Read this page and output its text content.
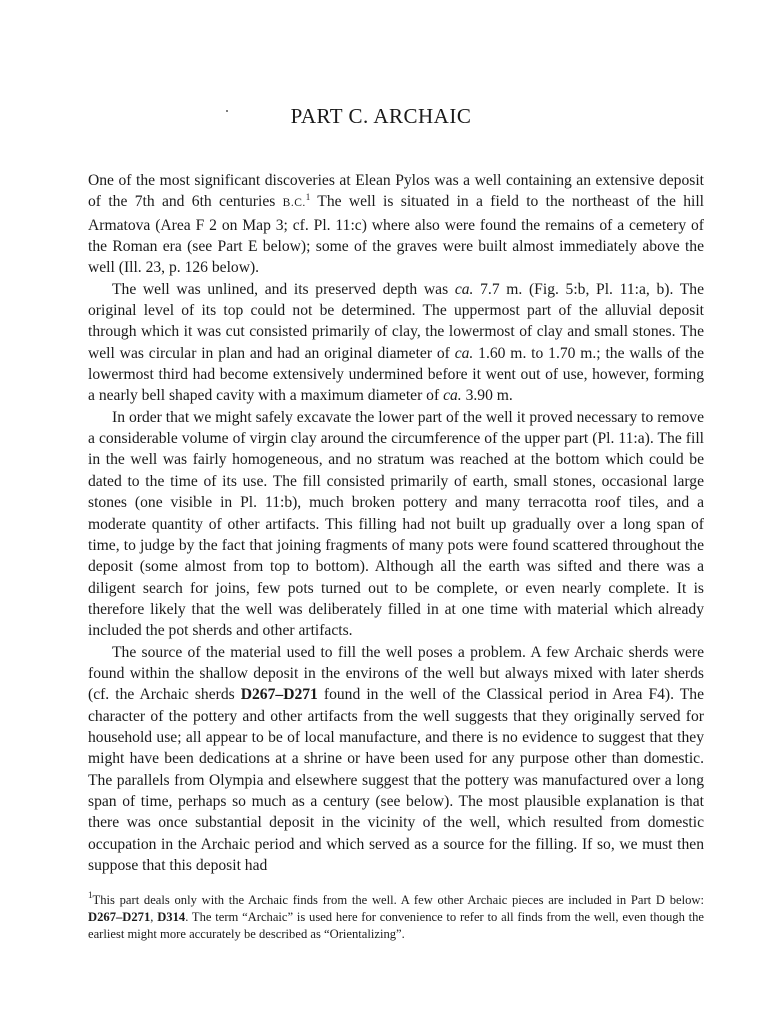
PART C. ARCHAIC

One of the most significant discoveries at Elean Pylos was a well containing an extensive deposit of the 7th and 6th centuries B.C.$^1$ The well is situated in a field to the northeast of the hill Armatova (Area F 2 on Map 3; cf. Pl. 11:c) where also were found the remains of a cemetery of the Roman era (see Part E below); some of the graves were built almost immediately above the well (Ill. 23, p. 126 below).

The well was unlined, and its preserved depth was ca. 7.7 m. (Fig. 5:b, Pl. 11:a, b). The original level of its top could not be determined. The uppermost part of the alluvial deposit through which it was cut consisted primarily of clay, the lowermost of clay and small stones. The well was circular in plan and had an original diameter of ca. 1.60 m. to 1.70 m.; the walls of the lowermost third had become extensively undermined before it went out of use, however, forming a nearly bell shaped cavity with a maximum diameter of ca. 3.90 m.

In order that we might safely excavate the lower part of the well it proved necessary to remove a considerable volume of virgin clay around the circumference of the upper part (Pl. 11:a). The fill in the well was fairly homogeneous, and no stratum was reached at the bottom which could be dated to the time of its use. The fill consisted primarily of earth, small stones, occasional large stones (one visible in Pl. 11:b), much broken pottery and many terracotta roof tiles, and a moderate quantity of other artifacts. This filling had not built up gradually over a long span of time, to judge by the fact that joining fragments of many pots were found scattered throughout the deposit (some almost from top to bottom). Although all the earth was sifted and there was a diligent search for joins, few pots turned out to be complete, or even nearly complete. It is therefore likely that the well was deliberately filled in at one time with material which already included the pot sherds and other artifacts.

The source of the material used to fill the well poses a problem. A few Archaic sherds were found within the shallow deposit in the environs of the well but always mixed with later sherds (cf. the Archaic sherds D267–D271 found in the well of the Classical period in Area F4). The character of the pottery and other artifacts from the well suggests that they originally served for household use; all appear to be of local manufacture, and there is no evidence to suggest that they might have been dedications at a shrine or have been used for any purpose other than domestic. The parallels from Olympia and elsewhere suggest that the pottery was manufactured over a long span of time, perhaps so much as a century (see below). The most plausible explanation is that there was once substantial deposit in the vicinity of the well, which resulted from domestic occupation in the Archaic period and which served as a source for the filling. If so, we must then suppose that this deposit had

$^1$This part deals only with the Archaic finds from the well. A few other Archaic pieces are included in Part D below: D267–D271, D314. The term “Archaic” is used here for convenience to refer to all finds from the well, even though the earliest might more accurately be described as “Orientalizing”.
